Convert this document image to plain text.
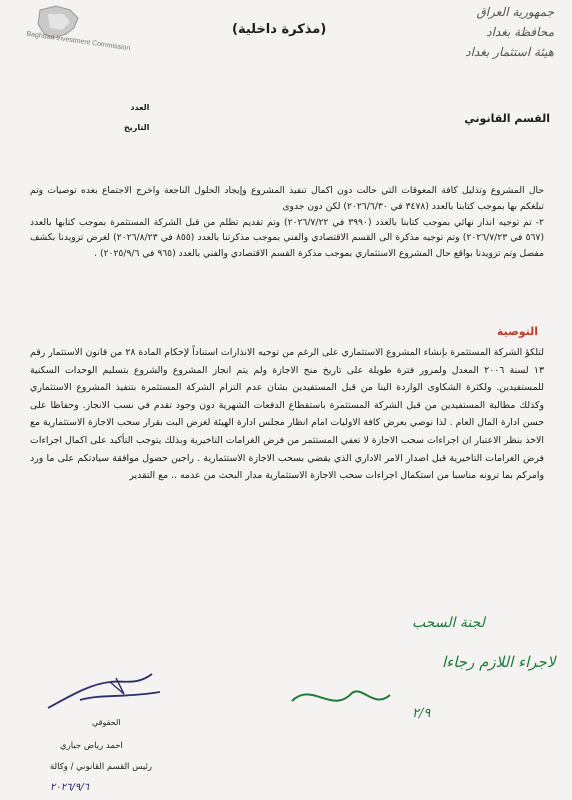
Baghdad Investment Commission
(مذكرة داخلية)
جمهورية العراق
محافظة بغداد
هيئة استثمار بغداد
العدد
التاريخ
القسم القانوني

حال المشروع وتذليل كافة المعوقات التي حالت دون اكمال تنفيذ المشروع وإيجاد الحلول الناجعة واخرج الاجتماع بعده توصيات وتم تبلغكم بها بموجب كتابنا بالعدد (٣٤٧٨ في ٢٠٢٦/٦/٣٠) لكن دون جدوى

٢- تم توجيه انذار نهائي بموجب كتابنا بالعدد (٣٩٩٠ في ٢٠٢٦/٧/٢٢) وتم تقديم تظلم من قبل الشركة المستثمرة بموجب كتابها بالعدد (٥٦٧ في ٢٠٢٦/٧/٢٣) وتم توجيه مذكرة الى القسم الاقتصادي والفني بموجب مذكرتنا بالعدد (٨٥٥ في ٢٠٢٦/٨/٢٣) لغرض تزويدنا بكشف مفصل وتم تزويدنا بواقع حال المشروع الاستثماري بموجب مذكرة القسم الاقتصادي والفني بالعدد (٩٦٥ في ٢٠٢٥/٩/٦) .

التوصية

لتلكؤ الشركة المستثمرة بإنشاء المشروع الاستثماري على الرغم من توجيه الانذارات استناداً لإحكام المادة ٢٨ من قانون الاستثمار رقم ١٣ لسنة ٢٠٠٦ المعدل ولمرور فترة طويلة على تاريخ منح الاجازة ولم يتم انجاز المشروع والشروع بتسليم الوحدات السكنية للمستفيدين. ولكثرة الشكاوى الواردة الينا من قبل المستفيدين بشان عدم التزام الشركة المستثمرة بتنفيذ المشروع الاستثماري وكذلك مطالبة المستفيدين من قبل الشركة المستثمرة باستقطاع الدفعات الشهرية دون وجود تقدم في نسب الانجاز. وحفاظا على حسن ادارة المال العام . لذا نوصي بعرض كافة الاوليات امام انظار مجلس ادارة الهيئة لغرض البت بقرار سحب الاجازة الاستثمارية مع الاخذ بنظر الاعتبار ان اجراءات سحب الاجازة لا تعفي المستثمر من فرض الغرامات التاخيرية وبذلك يتوجب التأكيد على اكمال اجراءات فرض الغرامات التاخيرية قبل اصدار الامر الاداري الذي يقضي بسحب الاجازة الاستثمارية . راجين حصول موافقة سيادتكم على ما ورد وامركم بما ترونه مناسبا من استكمال اجراءات سحب الاجازة الاستثمارية مدار البحث من عدمه .. مع التقدير

لجنة السحب
لاجراء اللازم رجاءا
٢/٩
الحقوقي
احمد رياض جباري
رئيس القسم القانوني / وكالة
٢٠٢٦/٩/٦
